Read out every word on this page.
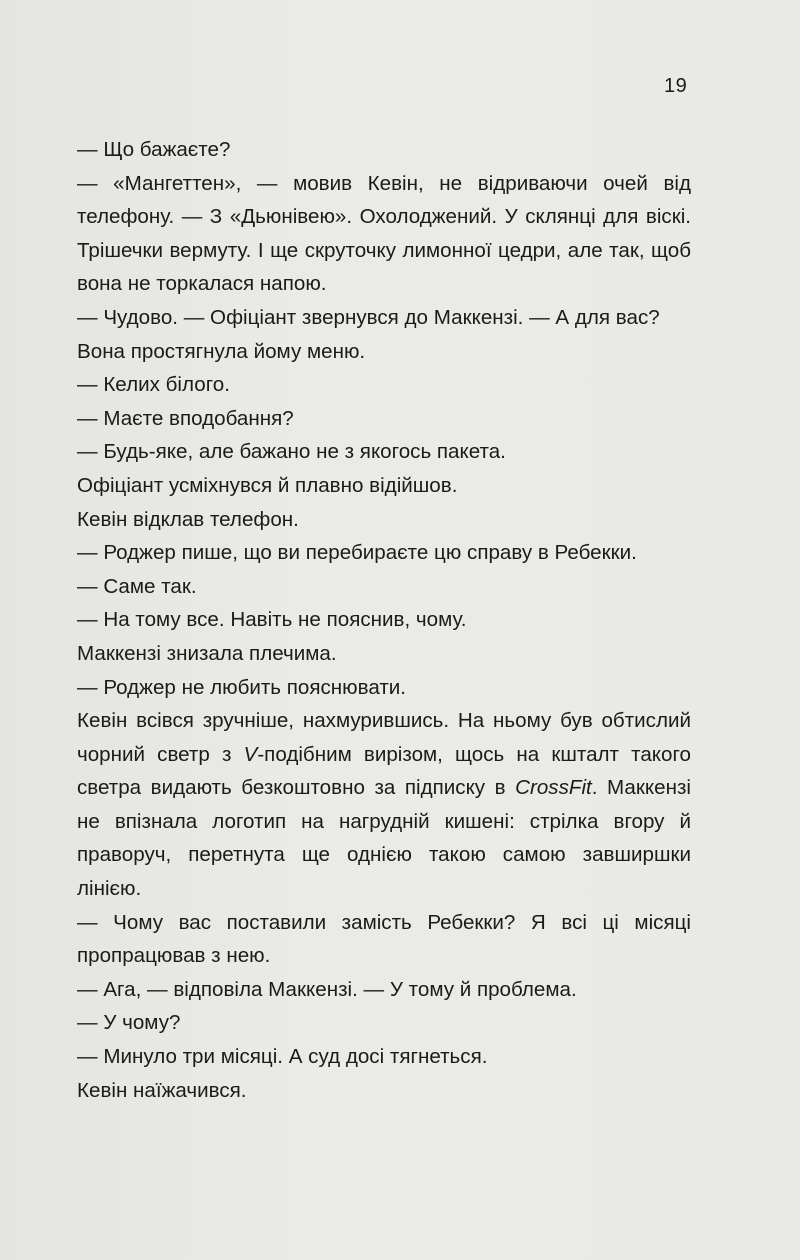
19

— Що бажаєте?

— «Мангеттен», — мовив Кевін, не відриваючи очей від телефону. — З «Дьюнівею». Охолоджений. У склянці для віскі. Трішечки вермуту. І ще скруточку лимонної цедри, але так, щоб вона не торкалася напою.

— Чудово. — Офіціант звернувся до Маккензі. — А для вас?

Вона простягнула йому меню.

— Келих білого.

— Маєте вподобання?

— Будь-яке, але бажано не з якогось пакета.

Офіціант усміхнувся й плавно відійшов.

Кевін відклав телефон.

— Роджер пише, що ви перебираєте цю справу в Ребекки.

— Саме так.

— На тому все. Навіть не пояснив, чому.

Маккензі знизала плечима.

— Роджер не любить пояснювати.

Кевін всівся зручніше, нахмурившись. На ньому був обтислий чорний светр з V-подібним вирізом, щось на кшталт такого светра видають безкоштовно за підписку в CrossFit. Маккензі не впізнала логотип на нагрудній кишені: стрілка вгору й праворуч, перетнута ще однією такою самою завширшки лінією.

— Чому вас поставили замість Ребекки? Я всі ці місяці пропрацював з нею.

— Ага, — відповіла Маккензі. — У тому й проблема.

— У чому?

— Минуло три місяці. А суд досі тягнеться.

Кевін наїжачився.
